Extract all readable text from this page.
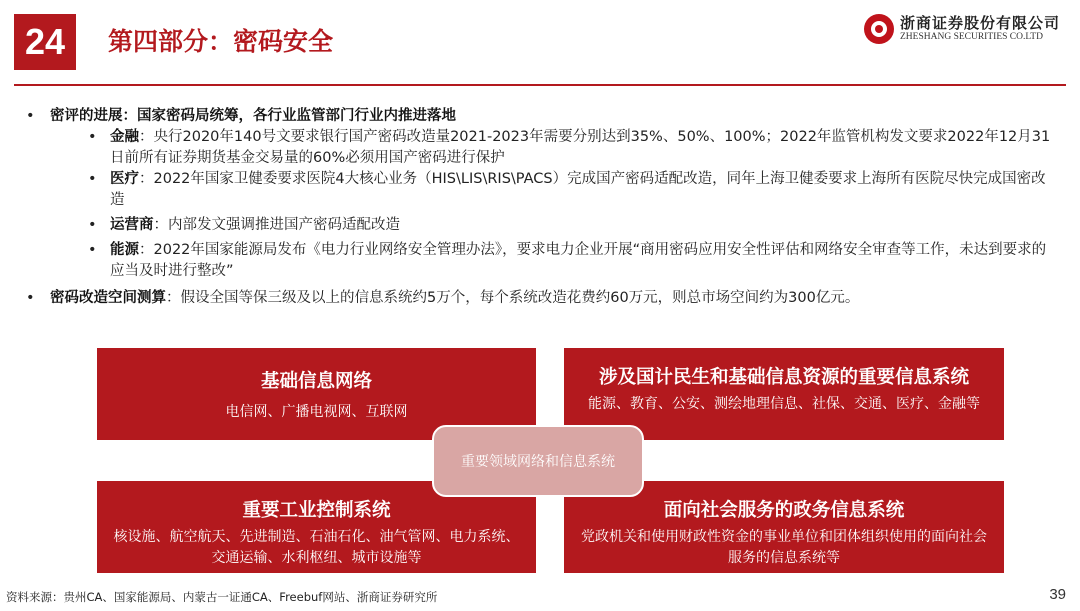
24	第四部分：密码安全
浙商证券股份有限公司
ZHESHANG SECURITIES CO.LTD
• 密评的进展：国家密码局统筹，各行业监管部门行业内推进落地
• 金融：央行2020年140号文要求银行国产密码改造量2021-2023年需要分别达到35%、50%、100%；2022年监管机构发文要求2022年12月31日前所有证券期货基金交易量的60%必须用国产密码进行保护
• 医疗：2022年国家卫健委要求医院4大核心业务（HIS\LIS\RIS\PACS）完成国产密码适配改造，同年上海卫健委要求上海所有医院尽快完成国密改造
• 运营商：内部发文强调推进国产密码适配改造
• 能源：2022年国家能源局发布《电力行业网络安全管理办法》，要求电力企业开展“商用密码应用安全性评估和网络安全审查等工作，未达到要求的应当及时进行整改”
• 密码改造空间测算：假设全国等保三级及以上的信息系统约5万个，每个系统改造花费约60万元，则总市场空间约为300亿元。
基础信息网络
电信网、广播电视网、互联网
涉及国计民生和基础信息资源的重要信息系统
能源、教育、公安、测绘地理信息、社保、交通、医疗、金融等
重要工业控制系统
核设施、航空航天、先进制造、石油石化、油气管网、电力系统、交通运输、水利枢纽、城市设施等
面向社会服务的政务信息系统
党政机关和使用财政性资金的事业单位和团体组织使用的面向社会服务的信息系统等
重要领域网络和信息系统
资料来源：贵州CA、国家能源局、内蒙古一证通CA、Freebuf网站、浙商证券研究所	39
